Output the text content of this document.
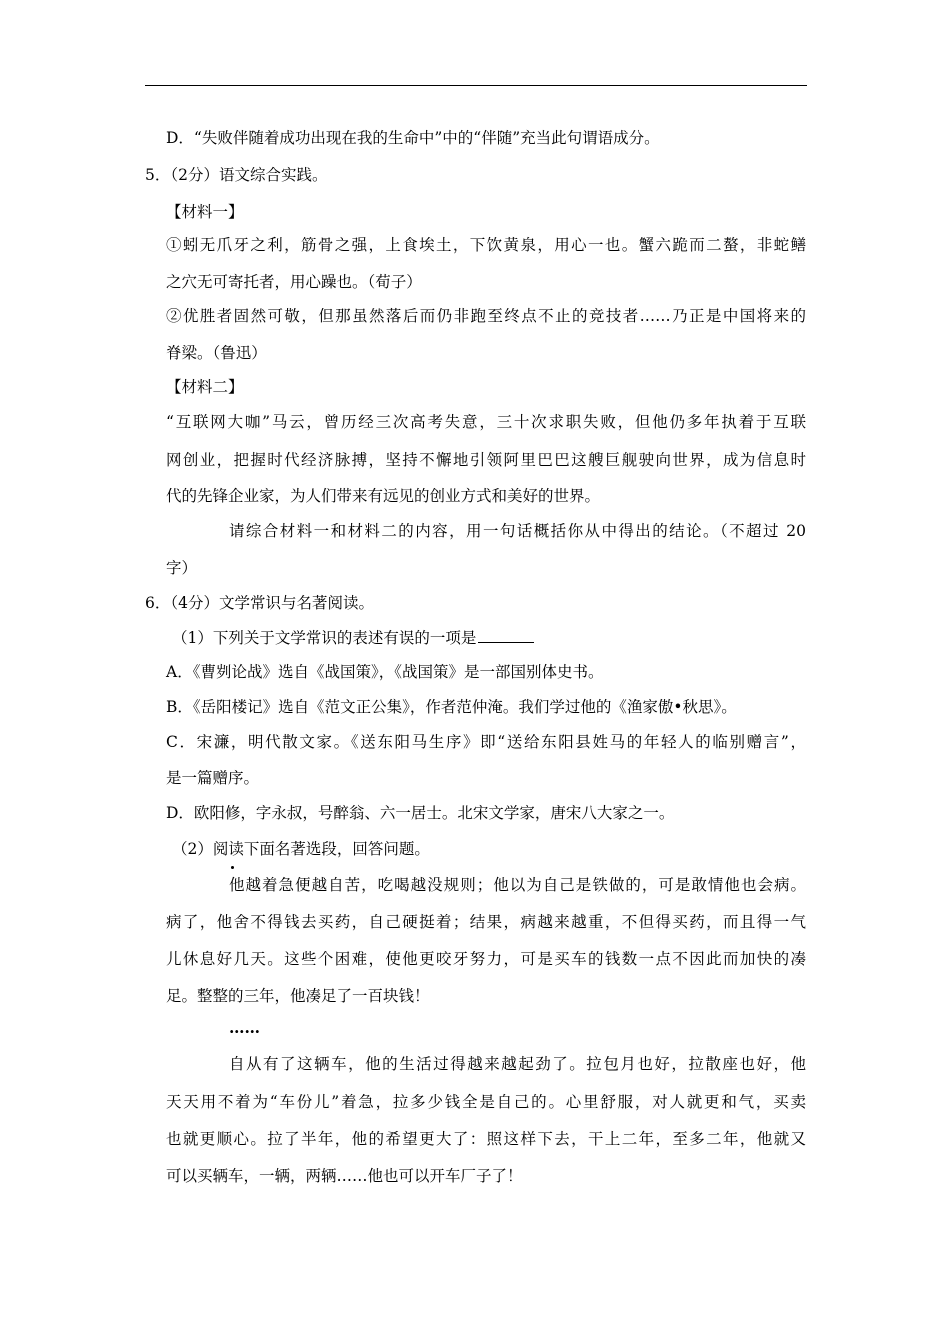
D．“失败伴随着成功出现在我的生命中”中的“伴随”充当此句谓语成分。
5．（2分）语文综合实践。
【材料一】
①蚓无爪牙之利，筋骨之强，上食埃土，下饮黄泉，用心一也。蟹六跪而二螯，非蛇鳝
之穴无可寄托者，用心躁也。（荀子）
②优胜者固然可敬，但那虽然落后而仍非跑至终点不止的竞技者……乃正是中国将来的
脊梁。（鲁迅）
【材料二】
“互联网大咖”马云，曾历经三次高考失意，三十次求职失败，但他仍多年执着于互联
网创业，把握时代经济脉搏，坚持不懈地引领阿里巴巴这艘巨舰驶向世界，成为信息时
代的先锋企业家，为人们带来有远见的创业方式和美好的世界。
请综合材料一和材料二的内容，用一句话概括你从中得出的结论。（不超过 20
字）
6．（4分）文学常识与名著阅读。
（1）下列关于文学常识的表述有误的一项是
A．《曹刿论战》选自《战国策》，《战国策》是一部国别体史书。
B．《岳阳楼记》选自《范文正公集》，作者范仲淹。我们学过他的《渔家傲•秋思》。
C．宋濂，明代散文家。《送东阳马生序》即“送给东阳县姓马的年轻人的临别赠言”，
是一篇赠序。
D．欧阳修，字永叔，号醉翁、六一居士。北宋文学家，唐宋八大家之一。
（2）阅读下面名著选段，回答问题。
他越着急便越自苦，吃喝越没规则；他以为自己是铁做的，可是敢情他也会病。
病了，他舍不得钱去买药，自己硬挺着；结果，病越来越重，不但得买药，而且得一气
儿休息好几天。这些个困难，使他更咬牙努力，可是买车的钱数一点不因此而加快的凑
足。整整的三年，他凑足了一百块钱！
……
自从有了这辆车，他的生活过得越来越起劲了。拉包月也好，拉散座也好，他
天天用不着为“车份儿”着急，拉多少钱全是自己的。心里舒服，对人就更和气，买卖
也就更顺心。拉了半年，他的希望更大了：照这样下去，干上二年，至多二年，他就又
可以买辆车，一辆，两辆……他也可以开车厂子了！
